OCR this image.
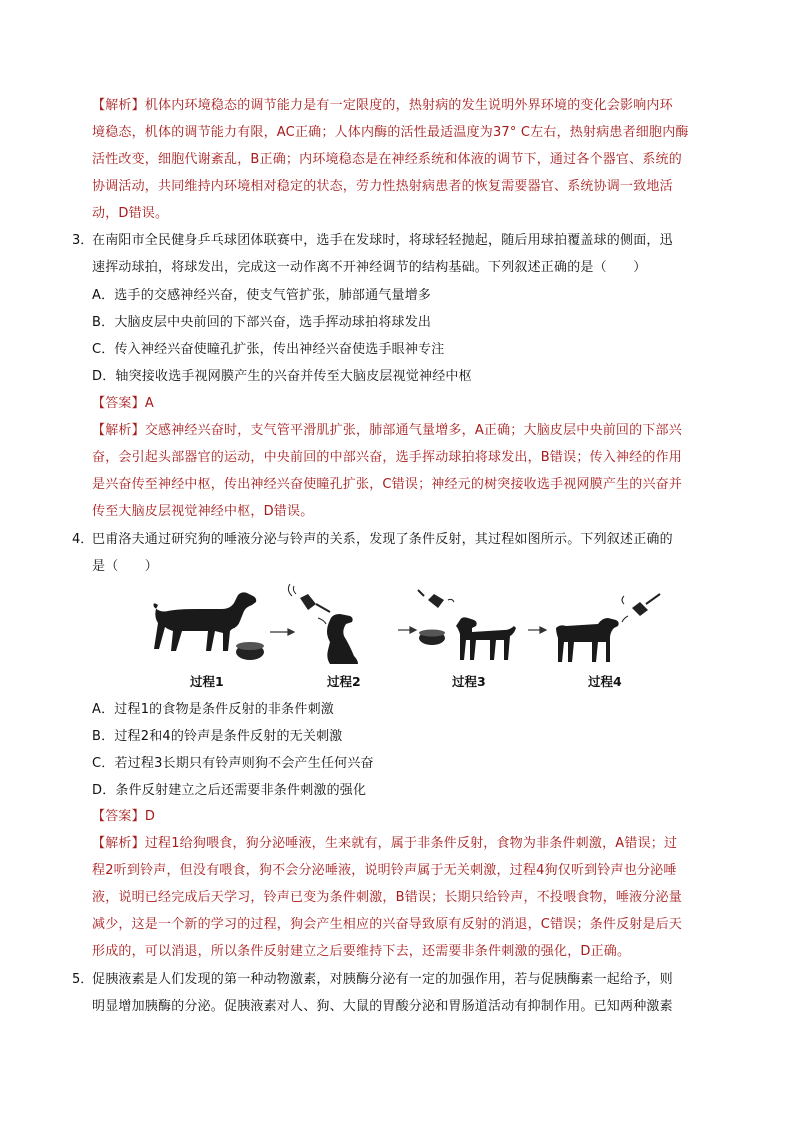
【解析】机体内环境稳态的调节能力是有一定限度的，热射病的发生说明外界环境的变化会影响内环
境稳态，机体的调节能力有限，AC正确；人体内酶的活性最适温度为37° C左右，热射病患者细胞内酶
活性改变，细胞代谢紊乱，B正确；内环境稳态是在神经系统和体液的调节下，通过各个器官、系统的
协调活动，共同维持内环境相对稳定的状态，劳力性热射病患者的恢复需要器官、系统协调一致地活
动，D错误。
3．
在南阳市全民健身乒乓球团体联赛中，选手在发球时，将球轻轻抛起，随后用球拍覆盖球的侧面，迅
速挥动球拍，将球发出，完成这一动作离不开神经调节的结构基础。下列叙述正确的是（　　）
A．选手的交感神经兴奋，使支气管扩张，肺部通气量增多
B．大脑皮层中央前回的下部兴奋，选手挥动球拍将球发出
C．传入神经兴奋使瞳孔扩张，传出神经兴奋使选手眼神专注
D．轴突接收选手视网膜产生的兴奋并传至大脑皮层视觉神经中枢
【答案】A
【解析】交感神经兴奋时，支气管平滑肌扩张，肺部通气量增多，A正确；大脑皮层中央前回的下部兴
奋，会引起头部器官的运动，中央前回的中部兴奋，选手挥动球拍将球发出，B错误；传入神经的作用
是兴奋传至神经中枢，传出神经兴奋使瞳孔扩张，C错误；神经元的树突接收选手视网膜产生的兴奋并
传至大脑皮层视觉神经中枢，D错误。
4．
巴甫洛夫通过研究狗的唾液分泌与铃声的关系，发现了条件反射，其过程如图所示。下列叙述正确的
是（　　）
过程1	过程2	过程3	过程4
A．过程1的食物是条件反射的非条件刺激
B．过程2和4的铃声是条件反射的无关刺激
C．若过程3长期只有铃声则狗不会产生任何兴奋
D．条件反射建立之后还需要非条件刺激的强化
【答案】D
【解析】过程1给狗喂食，狗分泌唾液，生来就有，属于非条件反射，食物为非条件刺激，A错误；过
程2听到铃声，但没有喂食，狗不会分泌唾液，说明铃声属于无关刺激，过程4狗仅听到铃声也分泌唾
液，说明已经完成后天学习，铃声已变为条件刺激，B错误；长期只给铃声，不投喂食物，唾液分泌量
减少，这是一个新的学习的过程，狗会产生相应的兴奋导致原有反射的消退，C错误；条件反射是后天
形成的，可以消退，所以条件反射建立之后要维持下去，还需要非条件刺激的强化，D正确。
5．
促胰液素是人们发现的第一种动物激素，对胰酶分泌有一定的加强作用，若与促胰酶素一起给予，则
明显增加胰酶的分泌。促胰液素对人、狗、大鼠的胃酸分泌和胃肠道活动有抑制作用。已知两种激素
